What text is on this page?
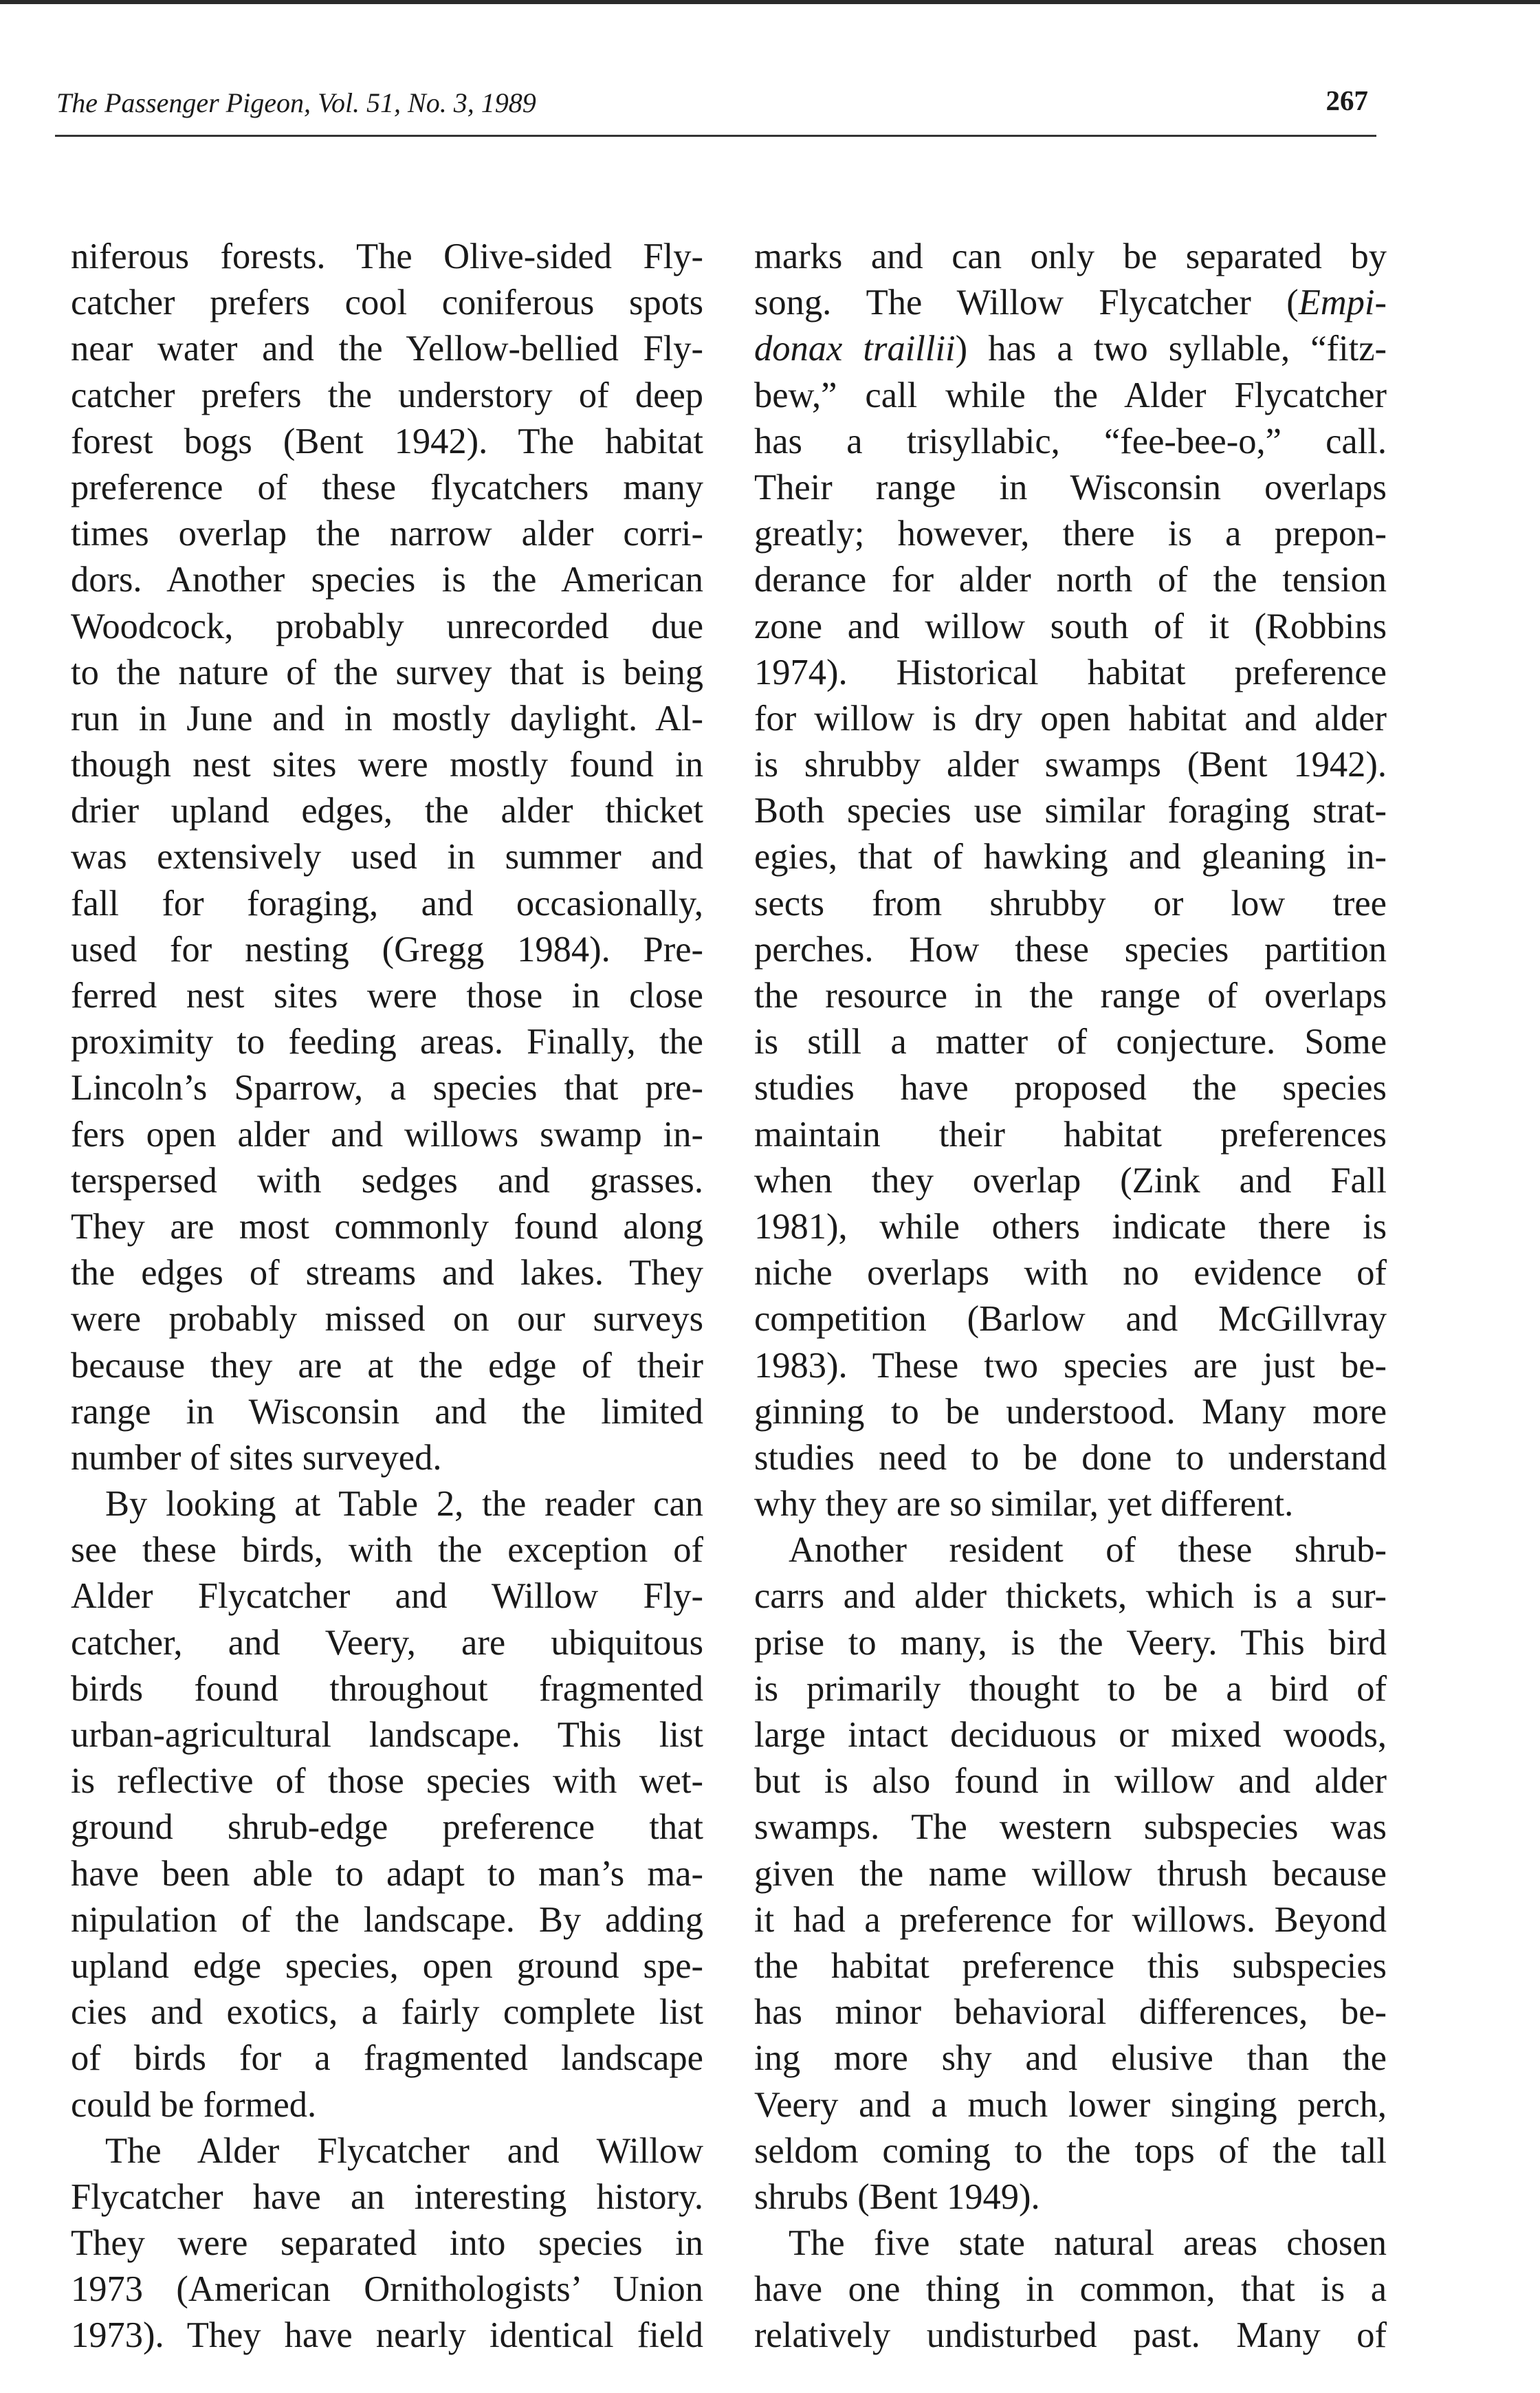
The Passenger Pigeon, Vol. 51, No. 3, 1989	267
niferous forests. The Olive-sided Fly-
catcher prefers cool coniferous spots
near water and the Yellow-bellied Fly-
catcher prefers the understory of deep
forest bogs (Bent 1942). The habitat
preference of these flycatchers many
times overlap the narrow alder corri-
dors. Another species is the American
Woodcock, probably unrecorded due
to the nature of the survey that is being
run in June and in mostly daylight. Al-
though nest sites were mostly found in
drier upland edges, the alder thicket
was extensively used in summer and
fall for foraging, and occasionally,
used for nesting (Gregg 1984). Pre-
ferred nest sites were those in close
proximity to feeding areas. Finally, the
Lincoln’s Sparrow, a species that pre-
fers open alder and willows swamp in-
terspersed with sedges and grasses.
They are most commonly found along
the edges of streams and lakes. They
were probably missed on our surveys
because they are at the edge of their
range in Wisconsin and the limited
number of sites surveyed.
By looking at Table 2, the reader can
see these birds, with the exception of
Alder Flycatcher and Willow Fly-
catcher, and Veery, are ubiquitous
birds found throughout fragmented
urban-agricultural landscape. This list
is reflective of those species with wet-
ground shrub-edge preference that
have been able to adapt to man’s ma-
nipulation of the landscape. By adding
upland edge species, open ground spe-
cies and exotics, a fairly complete list
of birds for a fragmented landscape
could be formed.
The Alder Flycatcher and Willow
Flycatcher have an interesting history.
They were separated into species in
1973 (American Ornithologists’ Union
1973). They have nearly identical field
marks and can only be separated by
song. The Willow Flycatcher (Empi-
donax traillii) has a two syllable, “fitz-
bew,” call while the Alder Flycatcher
has a trisyllabic, “fee-bee-o,” call.
Their range in Wisconsin overlaps
greatly; however, there is a prepon-
derance for alder north of the tension
zone and willow south of it (Robbins
1974). Historical habitat preference
for willow is dry open habitat and alder
is shrubby alder swamps (Bent 1942).
Both species use similar foraging strat-
egies, that of hawking and gleaning in-
sects from shrubby or low tree
perches. How these species partition
the resource in the range of overlaps
is still a matter of conjecture. Some
studies have proposed the species
maintain their habitat preferences
when they overlap (Zink and Fall
1981), while others indicate there is
niche overlaps with no evidence of
competition (Barlow and McGillvray
1983). These two species are just be-
ginning to be understood. Many more
studies need to be done to understand
why they are so similar, yet different.
Another resident of these shrub-
carrs and alder thickets, which is a sur-
prise to many, is the Veery. This bird
is primarily thought to be a bird of
large intact deciduous or mixed woods,
but is also found in willow and alder
swamps. The western subspecies was
given the name willow thrush because
it had a preference for willows. Beyond
the habitat preference this subspecies
has minor behavioral differences, be-
ing more shy and elusive than the
Veery and a much lower singing perch,
seldom coming to the tops of the tall
shrubs (Bent 1949).
The five state natural areas chosen
have one thing in common, that is a
relatively undisturbed past. Many of
